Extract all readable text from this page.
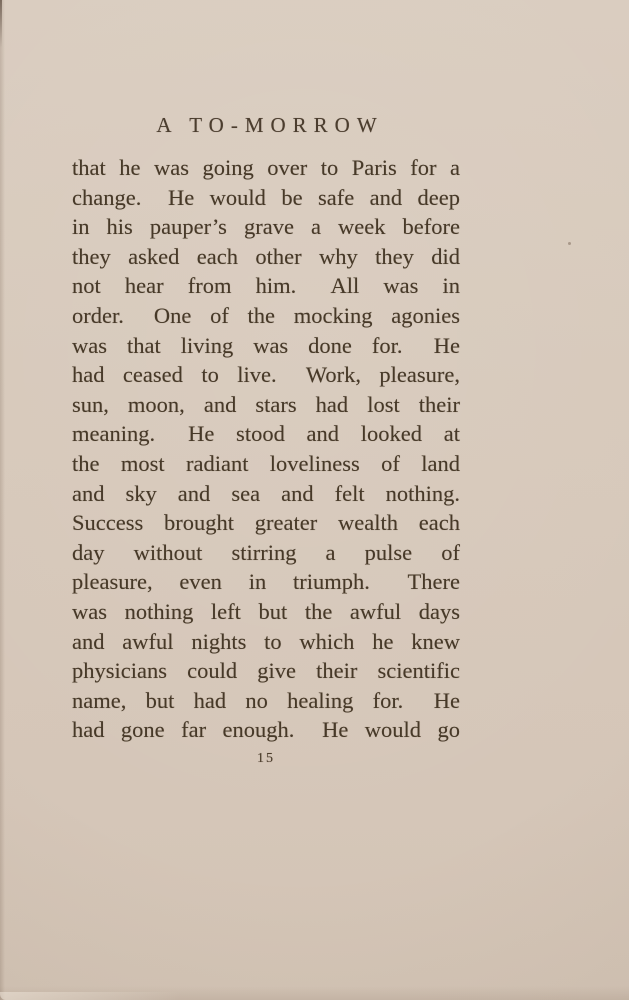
A TO-MORROW
that he was going over to Paris for a
change.  He would be safe and deep
in his pauper’s grave a week before
they asked each other why they did
not hear from him.  All was in
order.  One of the mocking agonies
was that living was done for.  He
had ceased to live.  Work, pleasure,
sun, moon, and stars had lost their
meaning.  He stood and looked at
the most radiant loveliness of land
and sky and sea and felt nothing.
Success brought greater wealth each
day without stirring a pulse of
pleasure, even in triumph.  There
was nothing left but the awful days
and awful nights to which he knew
physicians could give their scientific
name, but had no healing for.  He
had gone far enough.  He would go
15
